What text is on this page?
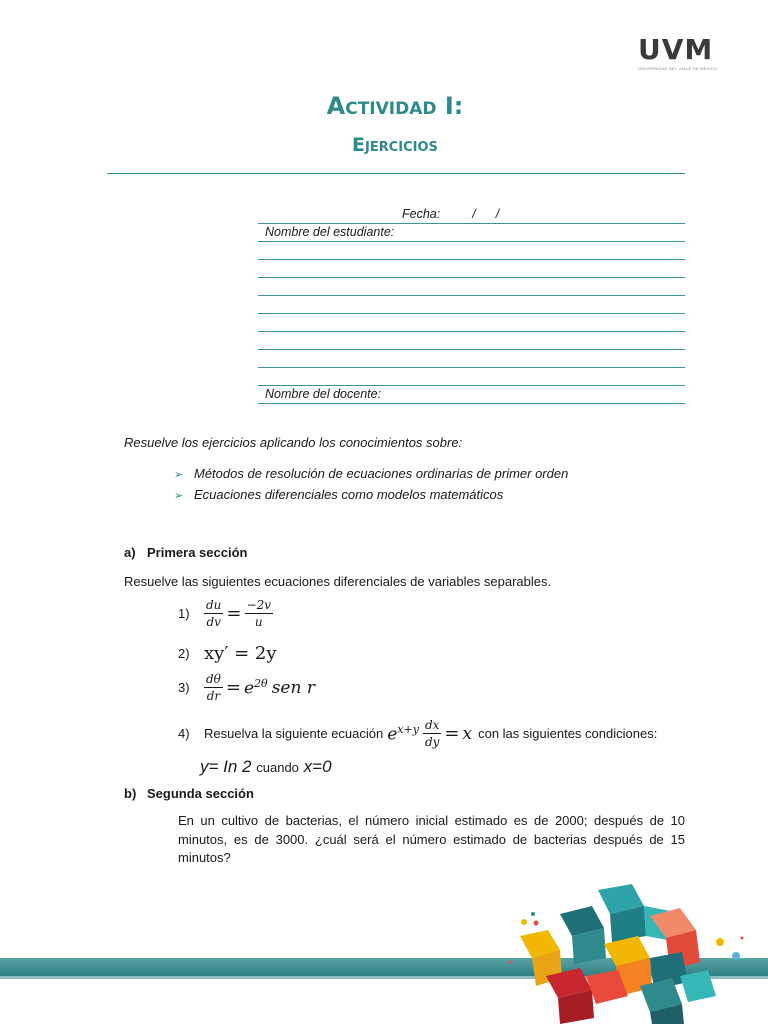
UVM
UNIVERSIDAD DEL VALLE DE MÉXICO
Actividad I:
Ejercicios
Fecha:	/ /
Nombre del estudiante:
Nombre del docente:
Resuelve los ejercicios aplicando los conocimientos sobre:
➢ Métodos de resolución de ecuaciones ordinarias de primer orden
➢ Ecuaciones diferenciales como modelos matemáticos
a) Primera sección
Resuelve las siguientes ecuaciones diferenciales de variables separables.
1)	$\frac{du}{dv} = \frac{-2v}{u}$
2) xy′ = 2y
3)	$\frac{d\theta}{dr} = e^{2\theta}$ sen r
4)	Resuelva la siguiente ecuación $e^{x+y} \frac{dx}{dy} = x$ con las siguientes condiciones:
y= In 2 cuando x=0
b) Segunda sección
En un cultivo de bacterias, el número inicial estimado es de 2000; después de 10 minutos, es de 3000. ¿cuál será el número estimado de bacterias después de 15 minutos?
